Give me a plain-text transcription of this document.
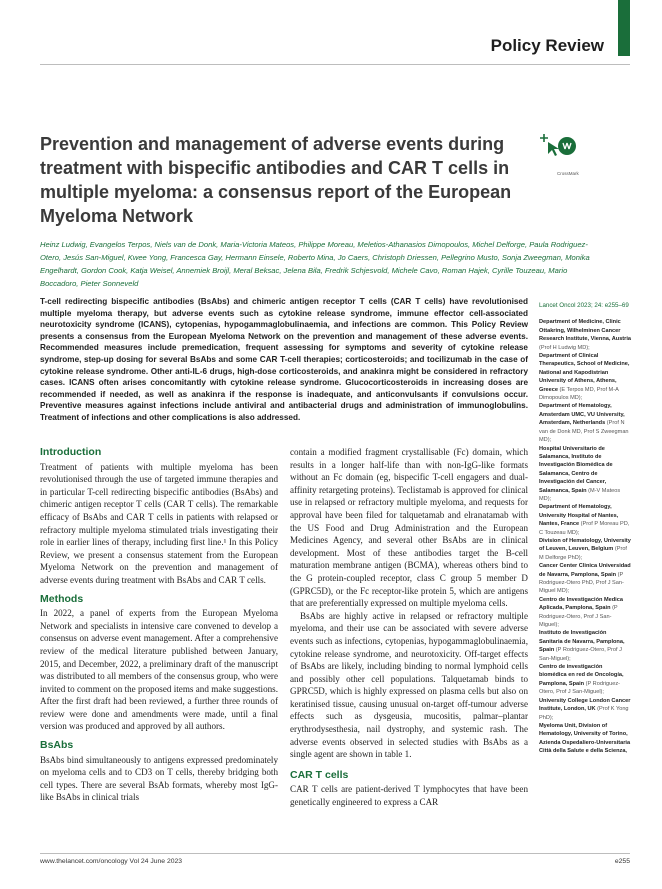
Policy Review
Prevention and management of adverse events during treatment with bispecific antibodies and CAR T cells in multiple myeloma: a consensus report of the European Myeloma Network
CrossMark
Heinz Ludwig, Evangelos Terpos, Niels van de Donk, Maria-Victoria Mateos, Philippe Moreau, Meletios-Athanasios Dimopoulos, Michel Delforge, Paula Rodriguez-Otero, Jesús San-Miguel, Kwee Yong, Francesca Gay, Hermann Einsele, Roberto Mina, Jo Caers, Christoph Driessen, Pellegrino Musto, Sonja Zweegman, Monika Engelhardt, Gordon Cook, Katja Weisel, Annemiek Broijl, Meral Beksac, Jelena Bila, Fredrik Schjesvold, Michele Cavo, Roman Hajek, Cyrille Touzeau, Mario Boccadoro, Pieter Sonneveld
T-cell redirecting bispecific antibodies (BsAbs) and chimeric antigen receptor T cells (CAR T cells) have revolutionised multiple myeloma therapy, but adverse events such as cytokine release syndrome, immune effector cell-associated neurotoxicity syndrome (ICANS), cytopenias, hypogammaglobulinaemia, and infections are common. This Policy Review presents a consensus from the European Myeloma Network on the prevention and management of these adverse events. Recommended measures include premedication, frequent assessing for symptoms and severity of cytokine release syndrome, step-up dosing for several BsAbs and some CAR T-cell therapies; corticosteroids; and tocilizumab in the case of cytokine release syndrome. Other anti-IL-6 drugs, high-dose corticosteroids, and anakinra might be considered in refractory cases. ICANS often arises concomitantly with cytokine release syndrome. Glucocorticosteroids in increasing doses are recommended if needed, as well as anakinra if the response is inadequate, and anticonvulsants if convulsions occur. Preventive measures against infections include antiviral and antibacterial drugs and administration of immunoglobulins. Treatment of infections and other complications is also addressed.
Introduction

Treatment of patients with multiple myeloma has been revolutionised through the use of targeted immune therapies and in particular T-cell redirecting bispecific antibodies (BsAbs) and chimeric antigen receptor T cells (CAR T cells). The remarkable efficacy of BsAbs and CAR T cells in patients with relapsed or refractory multiple myeloma stimulated trials investigating their role in earlier lines of therapy, including first line.¹ In this Policy Review, we present a consensus statement from the European Myeloma Network on the prevention and management of adverse events during treatment with BsAbs and CAR T cells.

Methods

In 2022, a panel of experts from the European Myeloma Network and specialists in intensive care convened to develop a consensus on adverse event management. After a comprehensive review of the medical literature published between January, 2015, and December, 2022, a preliminary draft of the manuscript was distributed to all members of the consensus group, who were invited to comment on the proposed items and make suggestions. After the first draft had been reviewed, a further three rounds of review were done and amendments were made, until a final version was produced and approved by all authors.

BsAbs

BsAbs bind simultaneously to antigens expressed predominately on myeloma cells and to CD3 on T cells, thereby bridging both cell types. There are several BsAb formats, whereby most IgG-like BsAbs in clinical trials

contain a modified fragment crystallisable (Fc) domain, which results in a longer half-life than with non-IgG-like formats without an Fc domain (eg, bispecific T-cell engagers and dual-affinity retargeting proteins). Teclistamab is approved for clinical use in relapsed or refractory multiple myeloma, and requests for approval have been filed for talquetamab and elranatamab with the US Food and Drug Administration and the European Medicines Agency, and several other BsAbs are in clinical development. Most of these antibodies target the B-cell maturation membrane antigen (BCMA), whereas others bind to the G protein-coupled receptor, class C group 5 member D (GPRC5D), or the Fc receptor-like protein 5, which are antigens that are preferentially expressed on multiple myeloma cells.

BsAbs are highly active in relapsed or refractory multiple myeloma, and their use can be associated with severe adverse events such as infections, cytopenias, hypogammaglobulinaemia, cytokine release syndrome, and neurotoxicity. Off-target effects of BsAbs are likely, including binding to normal lymphoid cells and possibly other cell populations. Talquetamab binds to GPRC5D, which is highly expressed on plasma cells but also on keratinised tissue, causing unusual on-target off-tumour adverse effects such as dysgeusia, mucositis, palmar–plantar erythrodysesthesia, nail dystrophy, and systemic rash. The adverse events observed in selected studies with BsAbs as a single agent are shown in table 1.

CAR T cells

CAR T cells are patient-derived T lymphocytes that have been genetically engineered to express a CAR

Lancet Oncol 2023; 24: e255–69
Department of Medicine, Clinic Ottakring, Wilhelminen Cancer Research Institute, Vienna, Austria (Prof H Ludwig MD);
Department of Clinical Therapeutics, School of Medicine, National and Kapodistrian University of Athens, Athens, Greece (E Terpos MD, Prof M-A Dimopoulos MD);
Department of Hematology, Amsterdam UMC, VU University, Amsterdam, Netherlands (Prof N van de Donk MD, Prof S Zweegman MD);
Hospital Universitario de Salamanca, Instituto de Investigación Biomédica de Salamanca, Centro de Investigación del Cancer, Salamanca, Spain (M-V Mateos MD);
Department of Hematology, University Hospital of Nantes, Nantes, France (Prof P Moreau PD, C Touzeau MD);
Division of Hematology, University of Leuven, Leuven, Belgium (Prof M Delforge PhD);
Cancer Center Clinica Universidad de Navarra, Pamplona, Spain (P Rodriguez-Otero PhD, Prof J San-Miguel MD);
Centro de Investigación Medica Aplicada, Pamplona, Spain (P Rodriguez-Otero, Prof J San-Miguel);
Instituto de Investigación Sanitaria de Navarra, Pamplona, Spain (P Rodriguez-Otero, Prof J San-Miguel);
Centro de investigación biomédica en red de Oncología, Pamplona, Spain (P Rodriguez-Otero, Prof J San-Miguel);
University College London Cancer Institute, London, UK (Prof K Yong PhD);
Myeloma Unit, Division of Hematology, University of Torino, Azienda Ospedaliero-Universitaria Città della Salute e della Scienza,
www.thelancet.com/oncology Vol 24 June 2023	e255
